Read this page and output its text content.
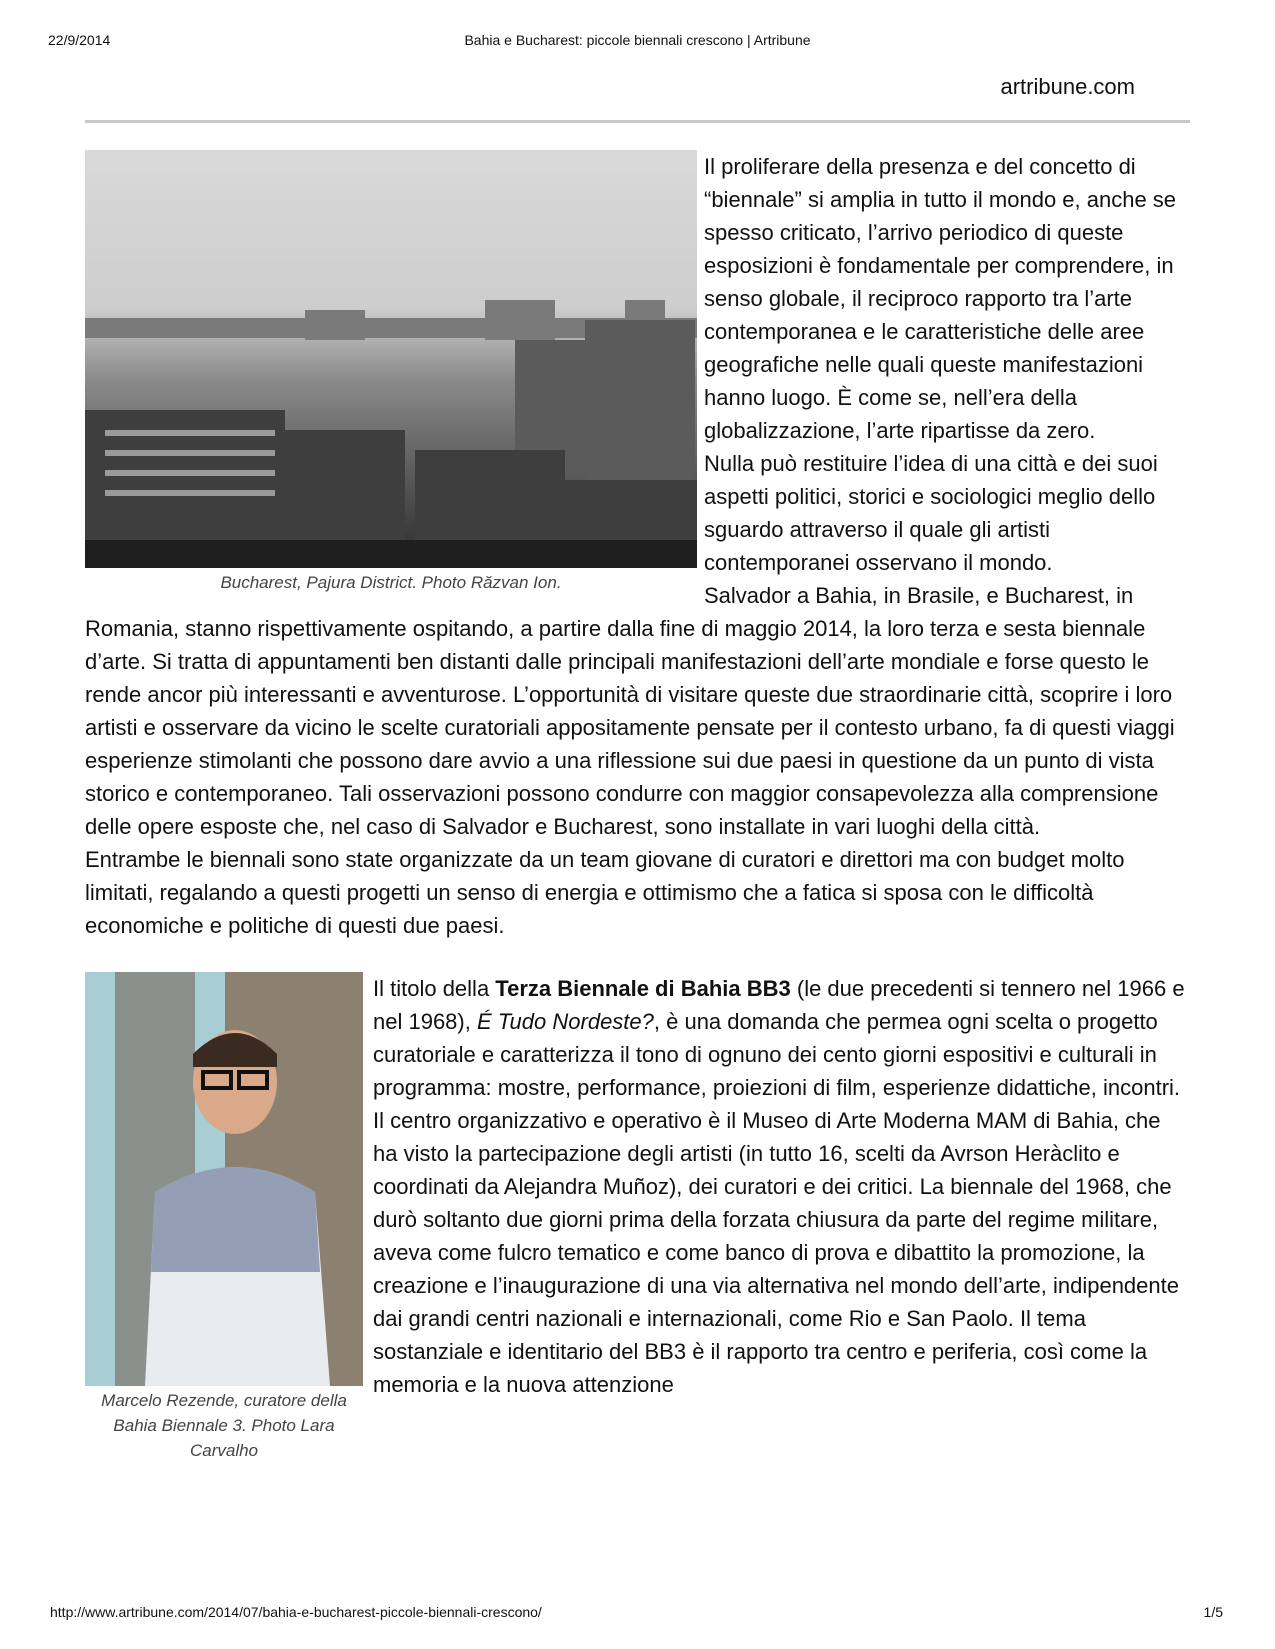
22/9/2014	Bahia e Bucharest: piccole biennali crescono | Artribune
artribune.com
Bucharest, Pajura District. Photo Răzvan Ion.

Il proliferare della presenza e del concetto di “biennale” si amplia in tutto il mondo e, anche se spesso criticato, l’arrivo periodico di queste esposizioni è fondamentale per comprendere, in senso globale, il reciproco rapporto tra l’arte contemporanea e le caratteristiche delle aree geografiche nelle quali queste manifestazioni hanno luogo. È come se, nell’era della globalizzazione, l’arte ripartisse da zero.

Nulla può restituire l’idea di una città e dei suoi aspetti politici, storici e sociologici meglio dello sguardo attraverso il quale gli artisti contemporanei osservano il mondo.

Salvador a Bahia, in Brasile, e Bucharest, in Romania, stanno rispettivamente ospitando, a partire dalla fine di maggio 2014, la loro terza e sesta biennale d’arte. Si tratta di appuntamenti ben distanti dalle principali manifestazioni dell’arte mondiale e forse questo le rende ancor più interessanti e avventurose. L’opportunità di visitare queste due straordinarie città, scoprire i loro artisti e osservare da vicino le scelte curatoriali appositamente pensate per il contesto urbano, fa di questi viaggi esperienze stimolanti che possono dare avvio a una riflessione sui due paesi in questione da un punto di vista storico e contemporaneo. Tali osservazioni possono condurre con maggior consapevolezza alla comprensione delle opere esposte che, nel caso di Salvador e Bucharest, sono installate in vari luoghi della città.

Entrambe le biennali sono state organizzate da un team giovane di curatori e direttori ma con budget molto limitati, regalando a questi progetti un senso di energia e ottimismo che a fatica si sposa con le difficoltà economiche e politiche di questi due paesi.

Marcelo Rezende, curatore della Bahia Biennale 3. Photo Lara Carvalho

Il titolo della Terza Biennale di Bahia BB3 (le due precedenti si tennero nel 1966 e nel 1968), É Tudo Nordeste?, è una domanda che permea ogni scelta o progetto curatoriale e caratterizza il tono di ognuno dei cento giorni espositivi e culturali in programma: mostre, performance, proiezioni di film, esperienze didattiche, incontri. Il centro organizzativo e operativo è il Museo di Arte Moderna MAM di Bahia, che ha visto la partecipazione degli artisti (in tutto 16, scelti da Avrson Heràclito e coordinati da Alejandra Muñoz), dei curatori e dei critici. La biennale del 1968, che durò soltanto due giorni prima della forzata chiusura da parte del regime militare, aveva come fulcro tematico e come banco di prova e dibattito la promozione, la creazione e l’inaugurazione di una via alternativa nel mondo dell’arte, indipendente dai grandi centri nazionali e internazionali, come Rio e San Paolo. Il tema sostanziale e identitario del BB3 è il rapporto tra centro e periferia, così come la memoria e la nuova attenzione

http://www.artribune.com/2014/07/bahia-e-bucharest-piccole-biennali-crescono/	1/5
